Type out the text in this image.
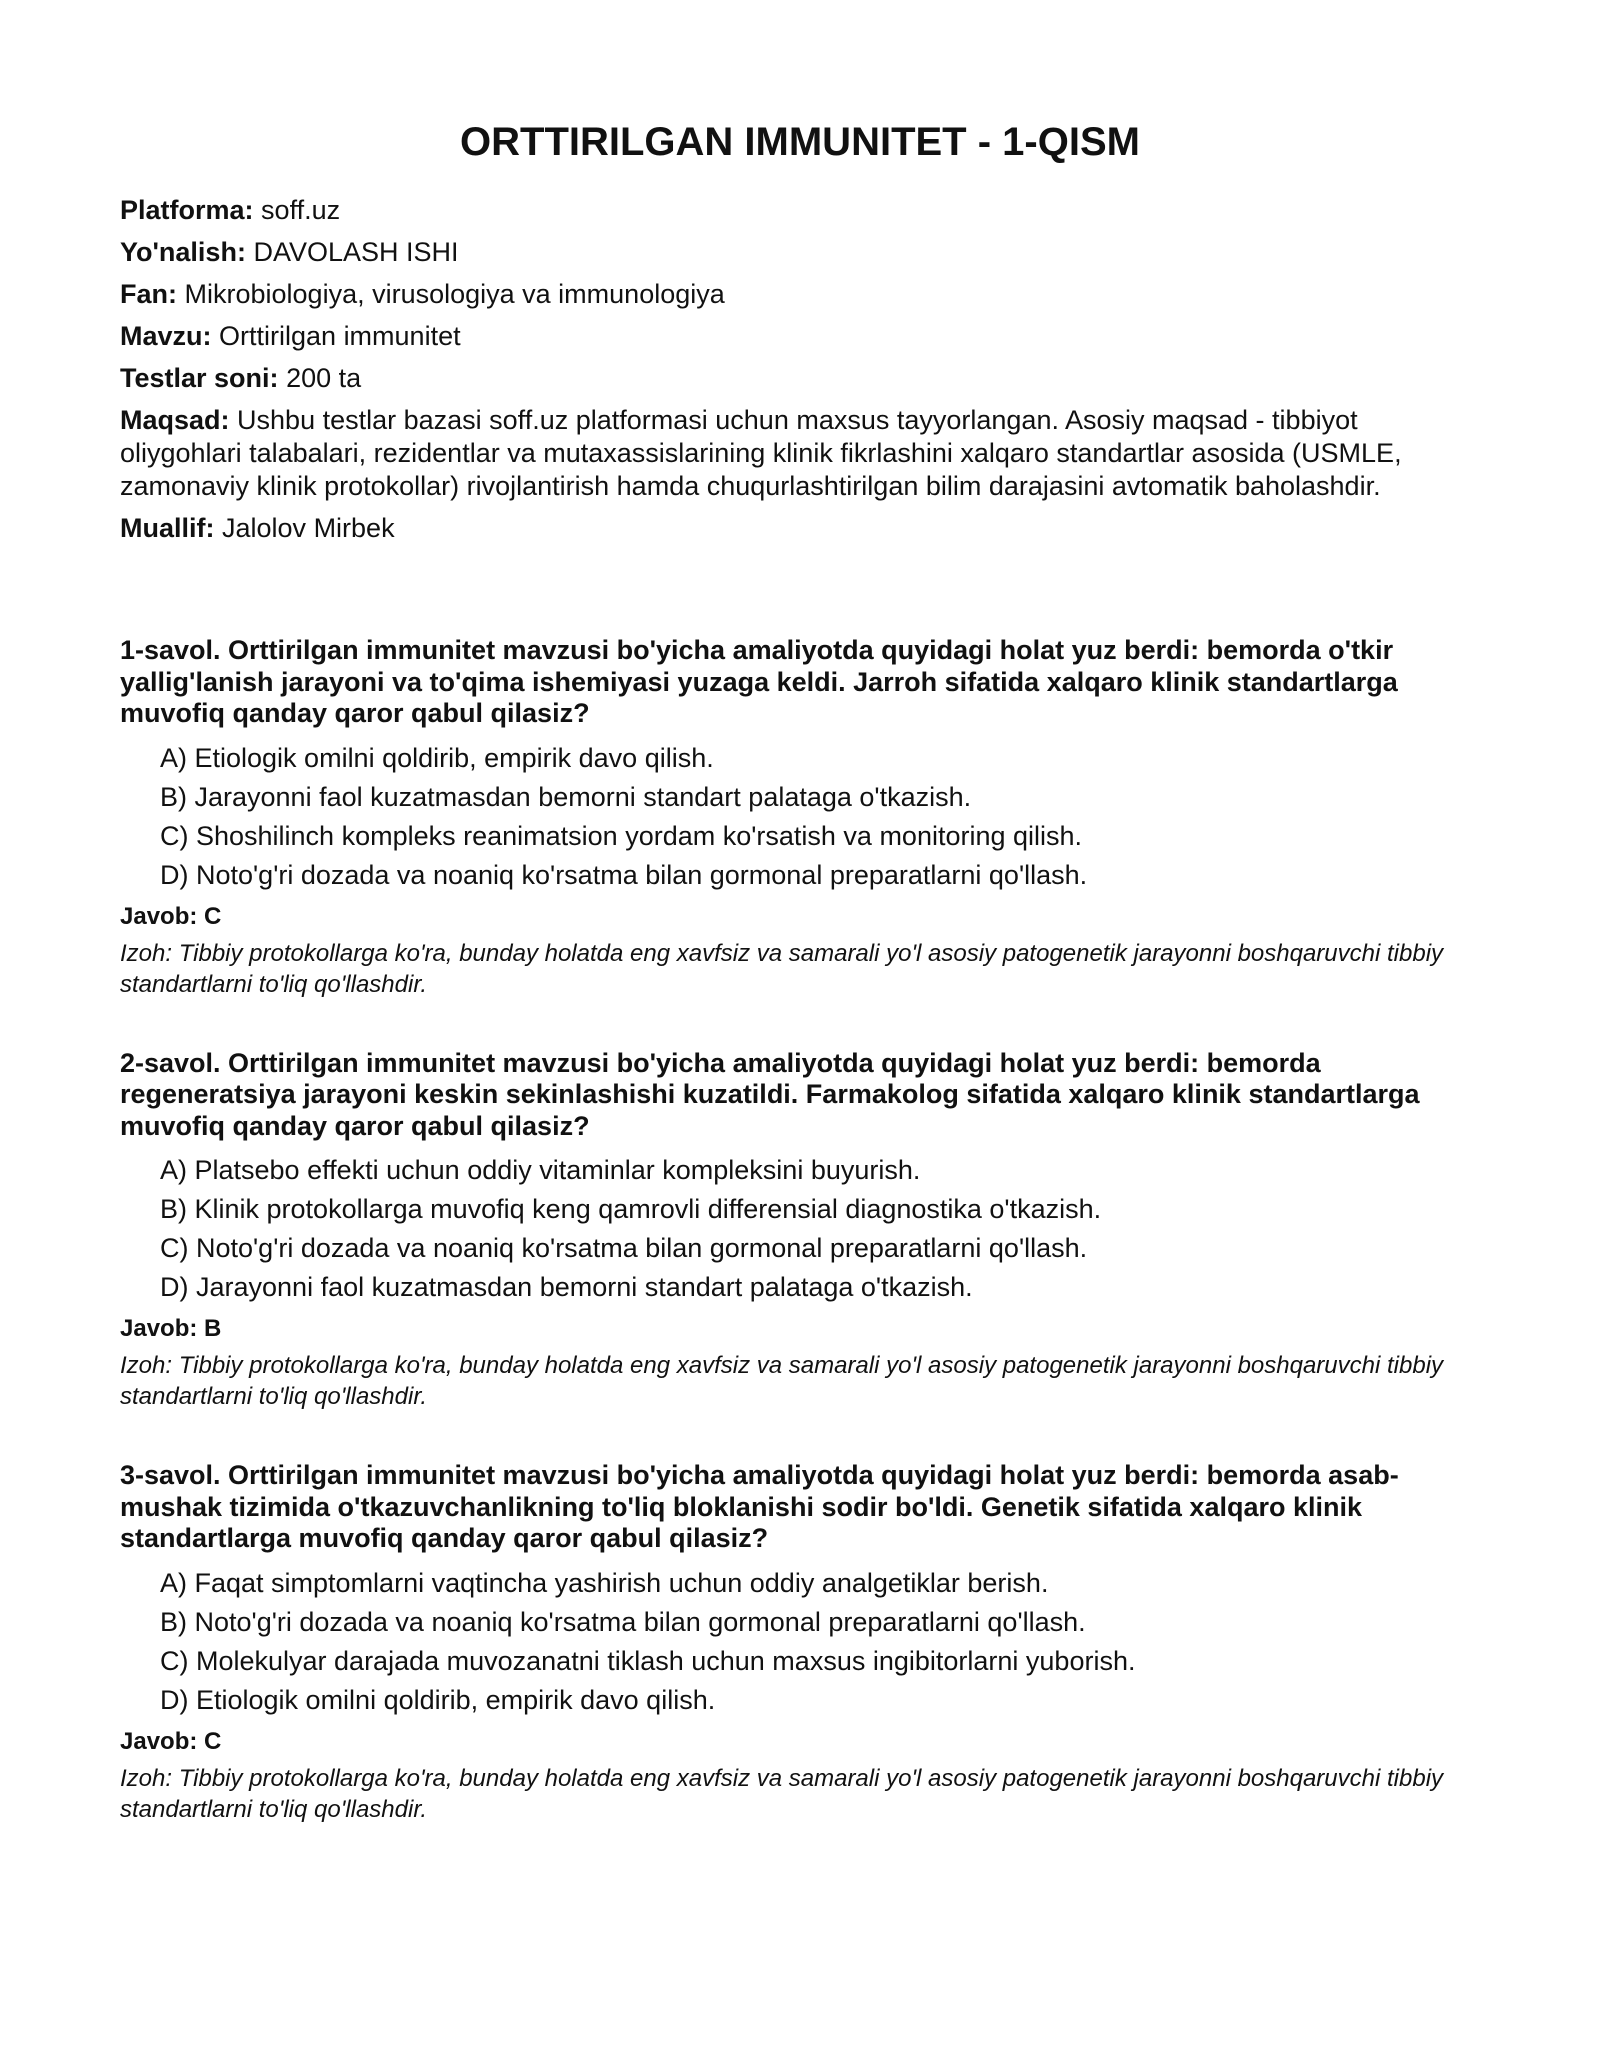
ORTTIRILGAN IMMUNITET - 1-QISM

Platforma: soff.uz

Yo'nalish: DAVOLASH ISHI

Fan: Mikrobiologiya, virusologiya va immunologiya

Mavzu: Orttirilgan immunitet

Testlar soni: 200 ta

Maqsad: Ushbu testlar bazasi soff.uz platformasi uchun maxsus tayyorlangan. Asosiy maqsad - tibbiyot oliygohlari talabalari, rezidentlar va mutaxassislarining klinik fikrlashini xalqaro standartlar asosida (USMLE, zamonaviy klinik protokollar) rivojlantirish hamda chuqurlashtirilgan bilim darajasini avtomatik baholashdir.

Muallif: Jalolov Mirbek

1-savol. Orttirilgan immunitet mavzusi bo'yicha amaliyotda quyidagi holat yuz berdi: bemorda o'tkir yallig'lanish jarayoni va to'qima ishemiyasi yuzaga keldi. Jarroh sifatida xalqaro klinik standartlarga muvofiq qanday qaror qabul qilasiz?

A) Etiologik omilni qoldirib, empirik davo qilish.
B) Jarayonni faol kuzatmasdan bemorni standart palataga o'tkazish.
C) Shoshilinch kompleks reanimatsion yordam ko'rsatish va monitoring qilish.
D) Noto'g'ri dozada va noaniq ko'rsatma bilan gormonal preparatlarni qo'llash.

Javob: C

Izoh: Tibbiy protokollarga ko'ra, bunday holatda eng xavfsiz va samarali yo'l asosiy patogenetik jarayonni boshqaruvchi tibbiy standartlarni to'liq qo'llashdir.

2-savol. Orttirilgan immunitet mavzusi bo'yicha amaliyotda quyidagi holat yuz berdi: bemorda regeneratsiya jarayoni keskin sekinlashishi kuzatildi. Farmakolog sifatida xalqaro klinik standartlarga muvofiq qanday qaror qabul qilasiz?

A) Platsebo effekti uchun oddiy vitaminlar kompleksini buyurish.
B) Klinik protokollarga muvofiq keng qamrovli differensial diagnostika o'tkazish.
C) Noto'g'ri dozada va noaniq ko'rsatma bilan gormonal preparatlarni qo'llash.
D) Jarayonni faol kuzatmasdan bemorni standart palataga o'tkazish.

Javob: B

Izoh: Tibbiy protokollarga ko'ra, bunday holatda eng xavfsiz va samarali yo'l asosiy patogenetik jarayonni boshqaruvchi tibbiy standartlarni to'liq qo'llashdir.

3-savol. Orttirilgan immunitet mavzusi bo'yicha amaliyotda quyidagi holat yuz berdi: bemorda asab-mushak tizimida o'tkazuvchanlikning to'liq bloklanishi sodir bo'ldi. Genetik sifatida xalqaro klinik standartlarga muvofiq qanday qaror qabul qilasiz?

A) Faqat simptomlarni vaqtincha yashirish uchun oddiy analgetiklar berish.
B) Noto'g'ri dozada va noaniq ko'rsatma bilan gormonal preparatlarni qo'llash.
C) Molekulyar darajada muvozanatni tiklash uchun maxsus ingibitorlarni yuborish.
D) Etiologik omilni qoldirib, empirik davo qilish.

Javob: C

Izoh: Tibbiy protokollarga ko'ra, bunday holatda eng xavfsiz va samarali yo'l asosiy patogenetik jarayonni boshqaruvchi tibbiy standartlarni to'liq qo'llashdir.
